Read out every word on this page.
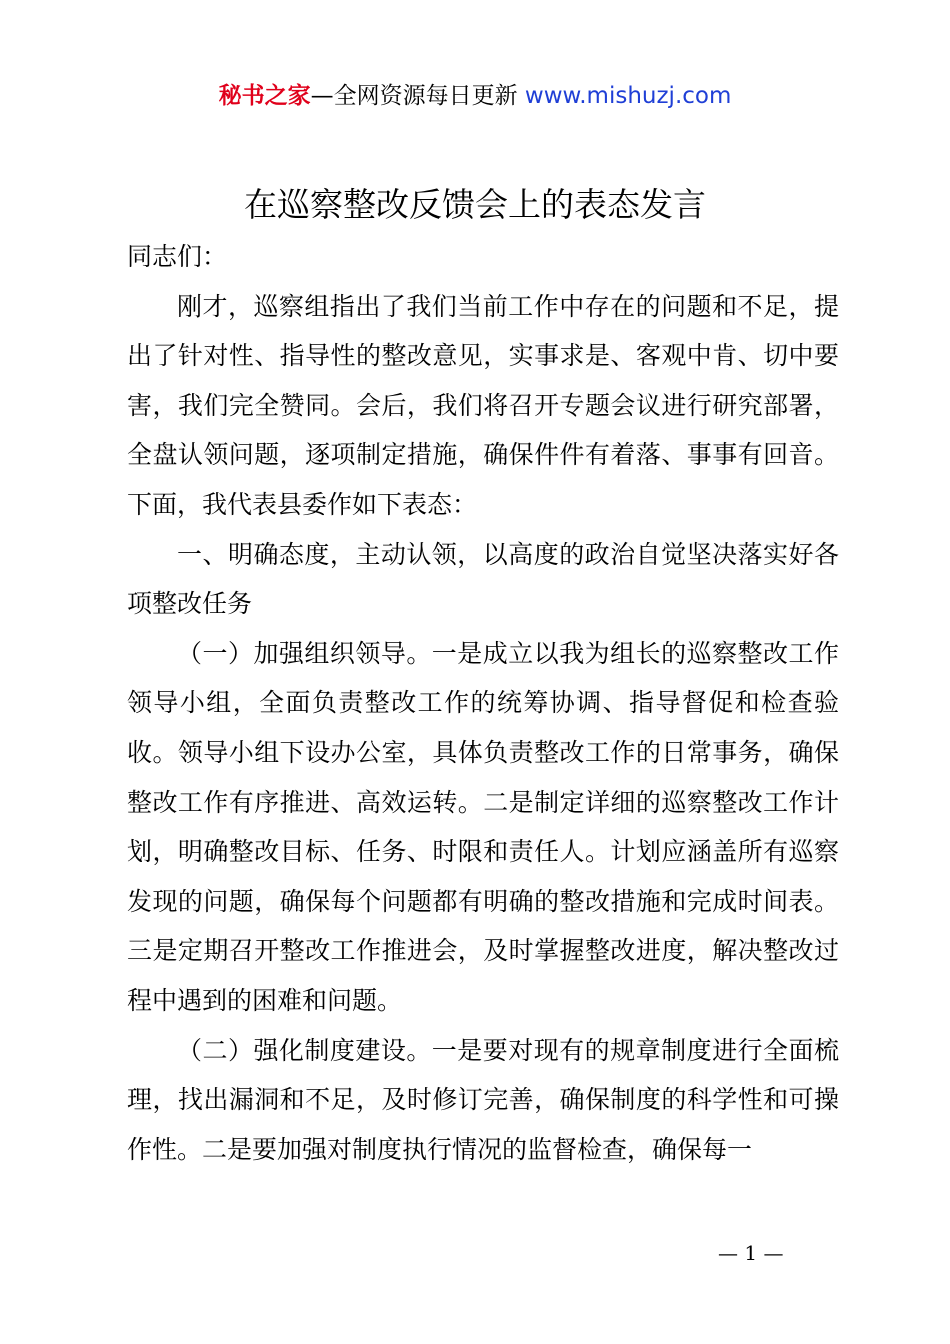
秘书之家—全网资源每日更新 www.mishuzj.com
在巡察整改反馈会上的表态发言

同志们：

刚才，巡察组指出了我们当前工作中存在的问题和不足，提出了针对性、指导性的整改意见，实事求是、客观中肯、切中要害，我们完全赞同。会后，我们将召开专题会议进行研究部署，全盘认领问题，逐项制定措施，确保件件有着落、事事有回音。下面，我代表县委作如下表态：

一、明确态度，主动认领，以高度的政治自觉坚决落实好各项整改任务

（一）加强组织领导。一是成立以我为组长的巡察整改工作领导小组，全面负责整改工作的统筹协调、指导督促和检查验收。领导小组下设办公室，具体负责整改工作的日常事务，确保整改工作有序推进、高效运转。二是制定详细的巡察整改工作计划，明确整改目标、任务、时限和责任人。计划应涵盖所有巡察发现的问题，确保每个问题都有明确的整改措施和完成时间表。三是定期召开整改工作推进会，及时掌握整改进度，解决整改过程中遇到的困难和问题。

（二）强化制度建设。一是要对现有的规章制度进行全面梳理，找出漏洞和不足，及时修订完善，确保制度的科学性和可操作性。二是要加强对制度执行情况的监督检查，确保每一

— 1 —
